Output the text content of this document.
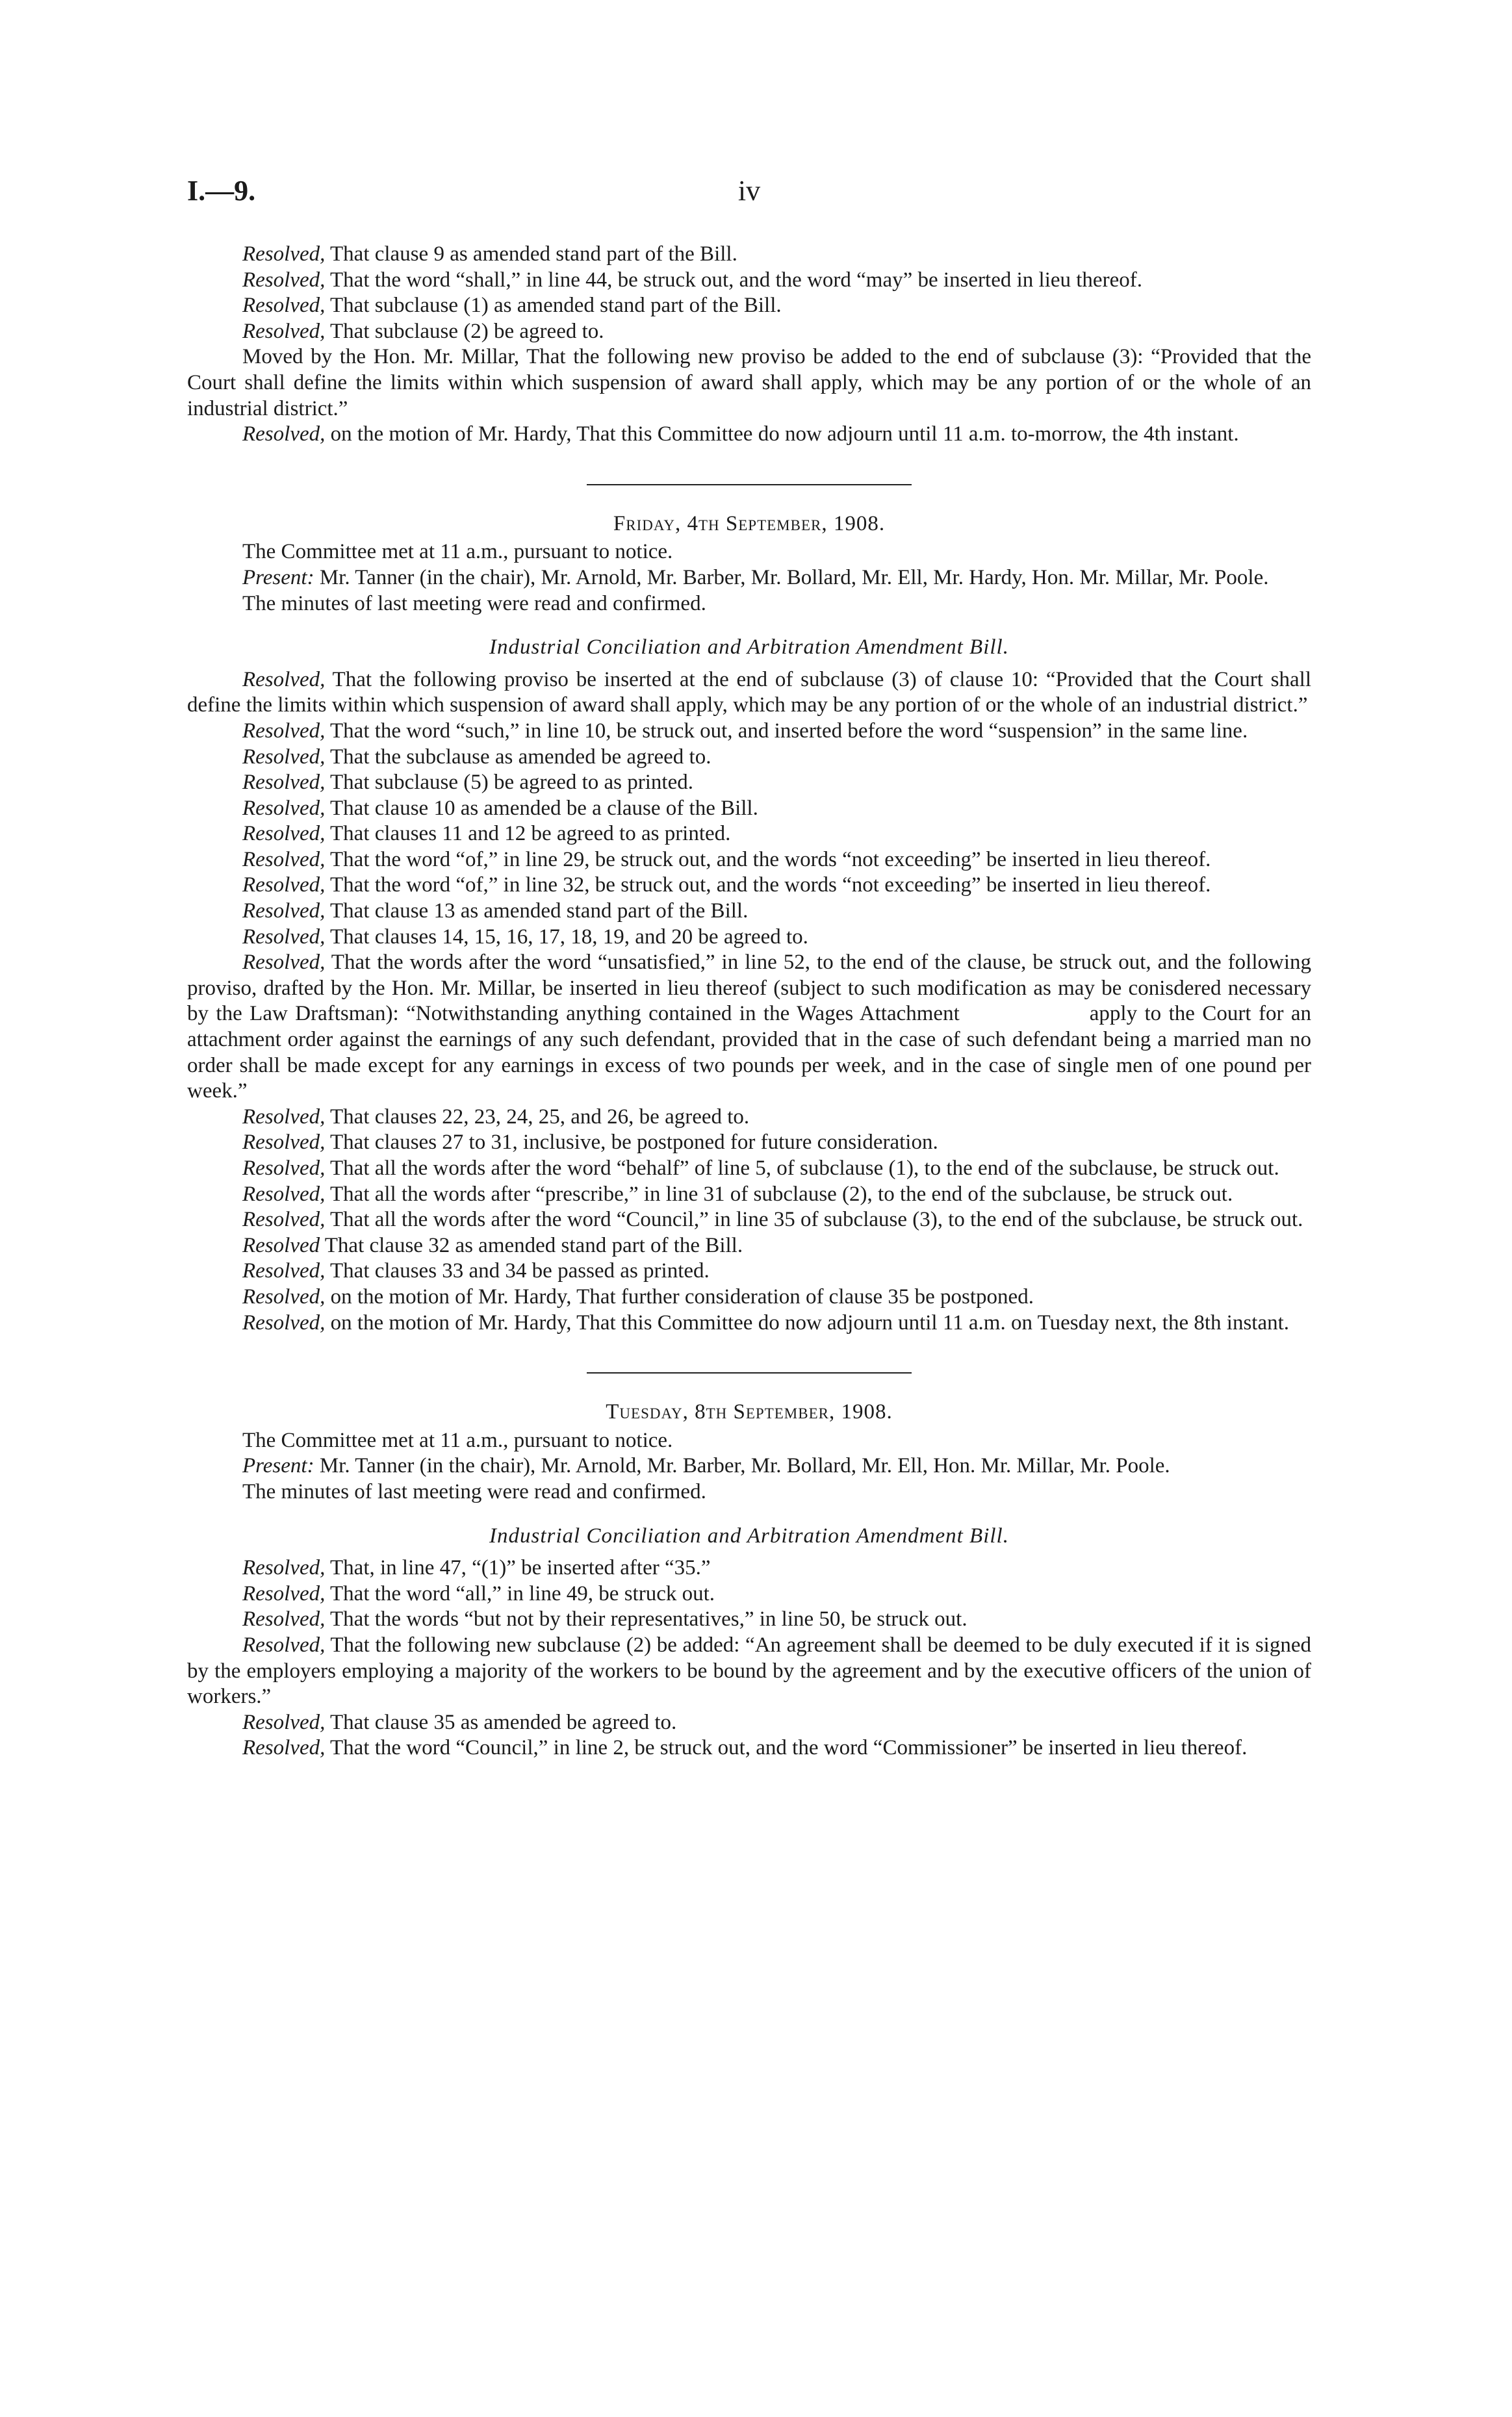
I.—9.	iv

Resolved, That clause 9 as amended stand part of the Bill.

Resolved, That the word “shall,” in line 44, be struck out, and the word “may” be inserted in lieu thereof.

Resolved, That subclause (1) as amended stand part of the Bill.

Resolved, That subclause (2) be agreed to.

Moved by the Hon. Mr. Millar, That the following new proviso be added to the end of subclause (3): “Provided that the Court shall define the limits within which suspension of award shall apply, which may be any portion of or the whole of an industrial district.”

Resolved, on the motion of Mr. Hardy, That this Committee do now adjourn until 11 a.m. to-morrow, the 4th instant.

Friday, 4th September, 1908.

The Committee met at 11 a.m., pursuant to notice.

Present: Mr. Tanner (in the chair), Mr. Arnold, Mr. Barber, Mr. Bollard, Mr. Ell, Mr. Hardy, Hon. Mr. Millar, Mr. Poole.

The minutes of last meeting were read and confirmed.

Industrial Conciliation and Arbitration Amendment Bill.

Resolved, That the following proviso be inserted at the end of subclause (3) of clause 10: “Provided that the Court shall define the limits within which suspension of award shall apply, which may be any portion of or the whole of an industrial district.”

Resolved, That the word “such,” in line 10, be struck out, and inserted before the word “suspension” in the same line.

Resolved, That the subclause as amended be agreed to.

Resolved, That subclause (5) be agreed to as printed.

Resolved, That clause 10 as amended be a clause of the Bill.

Resolved, That clauses 11 and 12 be agreed to as printed.

Resolved, That the word “of,” in line 29, be struck out, and the words “not exceeding” be inserted in lieu thereof.

Resolved, That the word “of,” in line 32, be struck out, and the words “not exceeding” be inserted in lieu thereof.

Resolved, That clause 13 as amended stand part of the Bill.

Resolved, That clauses 14, 15, 16, 17, 18, 19, and 20 be agreed to.

Resolved, That the words after the word “unsatisfied,” in line 52, to the end of the clause, be struck out, and the following proviso, drafted by the Hon. Mr. Millar, be inserted in lieu thereof (subject to such modification as may be conisdered necessary by the Law Draftsman): “Notwithstanding anything contained in the Wages Attachment	apply to the Court for an attachment order against the earnings of any such defendant, provided that in the case of such defendant being a married man no order shall be made except for any earnings in excess of two pounds per week, and in the case of single men of one pound per week.”

Resolved, That clauses 22, 23, 24, 25, and 26, be agreed to.

Resolved, That clauses 27 to 31, inclusive, be postponed for future consideration.

Resolved, That all the words after the word “behalf” of line 5, of subclause (1), to the end of the subclause, be struck out.

Resolved, That all the words after “prescribe,” in line 31 of subclause (2), to the end of the subclause, be struck out.

Resolved, That all the words after the word “Council,” in line 35 of subclause (3), to the end of the subclause, be struck out.

Resolved That clause 32 as amended stand part of the Bill.

Resolved, That clauses 33 and 34 be passed as printed.

Resolved, on the motion of Mr. Hardy, That further consideration of clause 35 be postponed.

Resolved, on the motion of Mr. Hardy, That this Committee do now adjourn until 11 a.m. on Tuesday next, the 8th instant.

Tuesday, 8th September, 1908.

The Committee met at 11 a.m., pursuant to notice.

Present: Mr. Tanner (in the chair), Mr. Arnold, Mr. Barber, Mr. Bollard, Mr. Ell, Hon. Mr. Millar, Mr. Poole.

The minutes of last meeting were read and confirmed.

Industrial Conciliation and Arbitration Amendment Bill.

Resolved, That, in line 47, “(1)” be inserted after “35.”

Resolved, That the word “all,” in line 49, be struck out.

Resolved, That the words “but not by their representatives,” in line 50, be struck out.

Resolved, That the following new subclause (2) be added: “An agreement shall be deemed to be duly executed if it is signed by the employers employing a majority of the workers to be bound by the agreement and by the executive officers of the union of workers.”

Resolved, That clause 35 as amended be agreed to.

Resolved, That the word “Council,” in line 2, be struck out, and the word “Commissioner” be inserted in lieu thereof.
